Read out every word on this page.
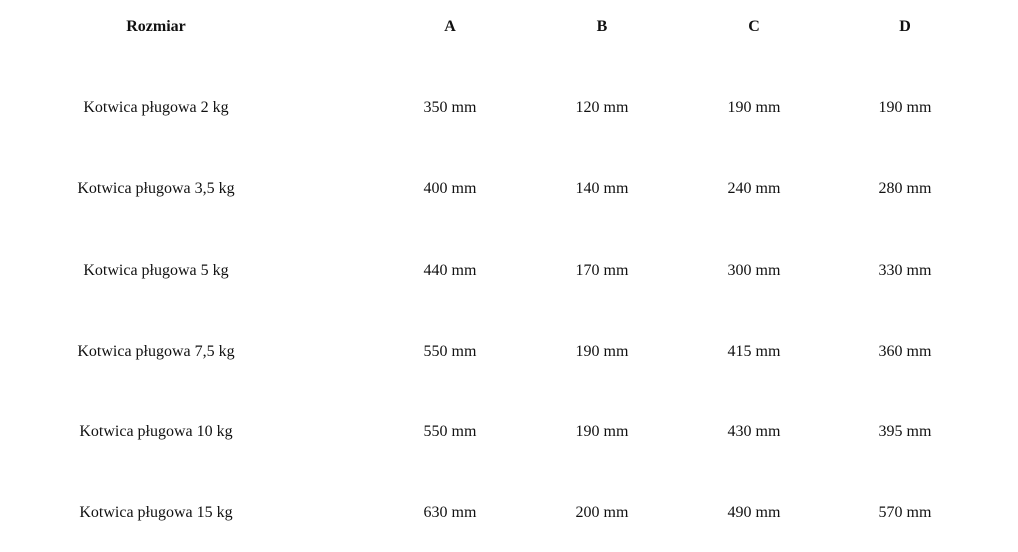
Rozmiar	A	B	C	D
Kotwica pługowa 2 kg	350 mm	120 mm	190 mm	190 mm
Kotwica pługowa 3,5 kg	400 mm	140 mm	240 mm	280 mm
Kotwica pługowa 5 kg	440 mm	170 mm	300 mm	330 mm
Kotwica pługowa 7,5 kg	550 mm	190 mm	415 mm	360 mm
Kotwica pługowa 10 kg	550 mm	190 mm	430 mm	395 mm
Kotwica pługowa 15 kg	630 mm	200 mm	490 mm	570 mm
